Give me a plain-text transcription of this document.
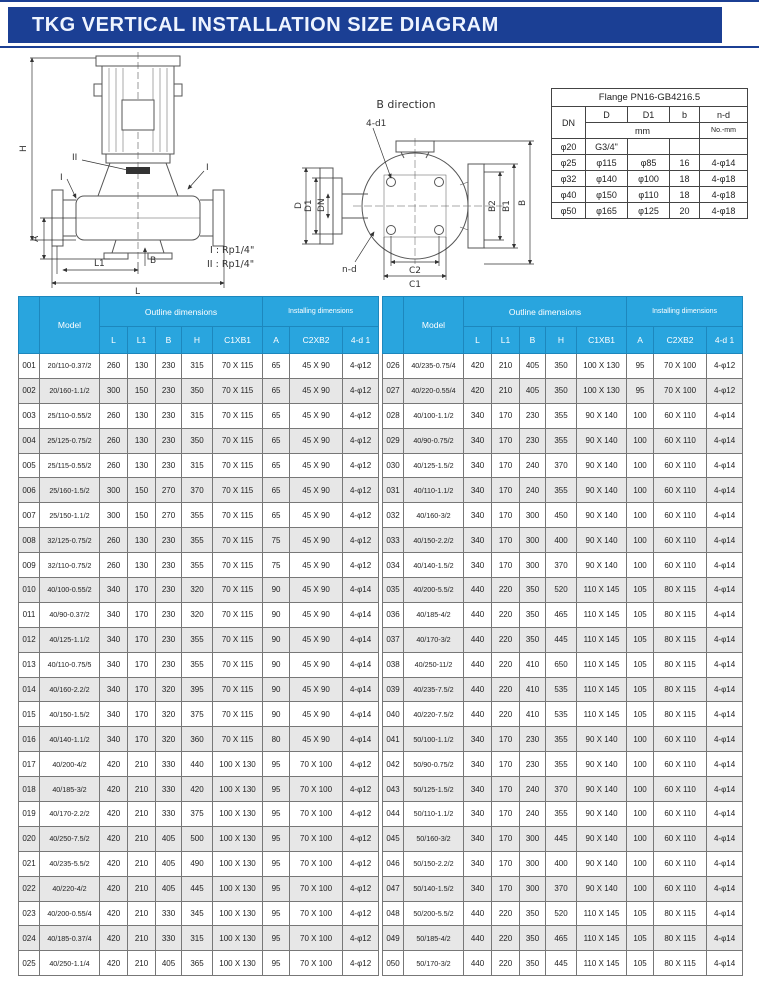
TKG VERTICAL INSTALLATION SIZE DIAGRAM
H
A
II
I
I
L1
L
B
I : Rp1/4"
II : Rp1/4"
B direction
4-d1
D D1 DN
n-d
B2 B1 B
C2
C1
Flange PN16-GB4216.5				
DN	D	D1	b	n-d
	mm			No.-mm
φ20	G3/4"			
φ25	φ115	φ85	16	4-φ14
φ32	φ140	φ100	18	4-φ18
φ40	φ150	φ110	18	4-φ18
φ50	φ165	φ125	20	4-φ18
	Model	Outline dimensions					Installing dimensions		
		L	L1	B	H	C1XB1	A	C2XB2	4-d 1
001	20/110-0.37/2	260	130	230	315	70 X 115	65	45 X 90	4-φ12
002	20/160-1.1/2	300	150	230	350	70 X 115	65	45 X 90	4-φ12
003	25/110-0.55/2	260	130	230	315	70 X 115	65	45 X 90	4-φ12
004	25/125-0.75/2	260	130	230	350	70 X 115	65	45 X 90	4-φ12
005	25/115-0.55/2	260	130	230	315	70 X 115	65	45 X 90	4-φ12
006	25/160-1.5/2	300	150	270	370	70 X 115	65	45 X 90	4-φ12
007	25/150-1.1/2	300	150	270	355	70 X 115	65	45 X 90	4-φ12
008	32/125-0.75/2	260	130	230	355	70 X 115	75	45 X 90	4-φ12
009	32/110-0.75/2	260	130	230	355	70 X 115	75	45 X 90	4-φ12
010	40/100-0.55/2	340	170	230	320	70 X 115	90	45 X 90	4-φ14
011	40/90-0.37/2	340	170	230	320	70 X 115	90	45 X 90	4-φ14
012	40/125-1.1/2	340	170	230	355	70 X 115	90	45 X 90	4-φ14
013	40/110-0.75/5	340	170	230	355	70 X 115	90	45 X 90	4-φ14
014	40/160-2.2/2	340	170	320	395	70 X 115	90	45 X 90	4-φ14
015	40/150-1.5/2	340	170	320	375	70 X 115	90	45 X 90	4-φ14
016	40/140-1.1/2	340	170	320	360	70 X 115	80	45 X 90	4-φ14
017	40/200-4/2	420	210	330	440	100 X 130	95	70 X 100	4-φ12
018	40/185-3/2	420	210	330	420	100 X 130	95	70 X 100	4-φ12
019	40/170-2.2/2	420	210	330	375	100 X 130	95	70 X 100	4-φ12
020	40/250-7.5/2	420	210	405	500	100 X 130	95	70 X 100	4-φ12
021	40/235-5.5/2	420	210	405	490	100 X 130	95	70 X 100	4-φ12
022	40/220-4/2	420	210	405	445	100 X 130	95	70 X 100	4-φ12
023	40/200-0.55/4	420	210	330	345	100 X 130	95	70 X 100	4-φ12
024	40/185-0.37/4	420	210	330	315	100 X 130	95	70 X 100	4-φ12
025	40/250-1.1/4	420	210	405	365	100 X 130	95	70 X 100	4-φ12
	Model	Outline dimensions					Installing dimensions		
		L	L1	B	H	C1XB1	A	C2XB2	4-d 1
026	40/235-0.75/4	420	210	405	350	100 X 130	95	70 X 100	4-φ12
027	40/220-0.55/4	420	210	405	350	100 X 130	95	70 X 100	4-φ12
028	40/100-1.1/2	340	170	230	355	90 X 140	100	60 X 110	4-φ14
029	40/90-0.75/2	340	170	230	355	90 X 140	100	60 X 110	4-φ14
030	40/125-1.5/2	340	170	240	370	90 X 140	100	60 X 110	4-φ14
031	40/110-1.1/2	340	170	240	355	90 X 140	100	60 X 110	4-φ14
032	40/160-3/2	340	170	300	450	90 X 140	100	60 X 110	4-φ14
033	40/150-2.2/2	340	170	300	400	90 X 140	100	60 X 110	4-φ14
034	40/140-1.5/2	340	170	300	370	90 X 140	100	60 X 110	4-φ14
035	40/200-5.5/2	440	220	350	520	110 X 145	105	80 X 115	4-φ14
036	40/185-4/2	440	220	350	465	110 X 145	105	80 X 115	4-φ14
037	40/170-3/2	440	220	350	445	110 X 145	105	80 X 115	4-φ14
038	40/250-11/2	440	220	410	650	110 X 145	105	80 X 115	4-φ14
039	40/235-7.5/2	440	220	410	535	110 X 145	105	80 X 115	4-φ14
040	40/220-7.5/2	440	220	410	535	110 X 145	105	80 X 115	4-φ14
041	50/100-1.1/2	340	170	230	355	90 X 140	100	60 X 110	4-φ14
042	50/90-0.75/2	340	170	230	355	90 X 140	100	60 X 110	4-φ14
043	50/125-1.5/2	340	170	240	370	90 X 140	100	60 X 110	4-φ14
044	50/110-1.1/2	340	170	240	355	90 X 140	100	60 X 110	4-φ14
045	50/160-3/2	340	170	300	445	90 X 140	100	60 X 110	4-φ14
046	50/150-2.2/2	340	170	300	400	90 X 140	100	60 X 110	4-φ14
047	50/140-1.5/2	340	170	300	370	90 X 140	100	60 X 110	4-φ14
048	50/200-5.5/2	440	220	350	520	110 X 145	105	80 X 115	4-φ14
049	50/185-4/2	440	220	350	465	110 X 145	105	80 X 115	4-φ14
050	50/170-3/2	440	220	350	445	110 X 145	105	80 X 115	4-φ14
